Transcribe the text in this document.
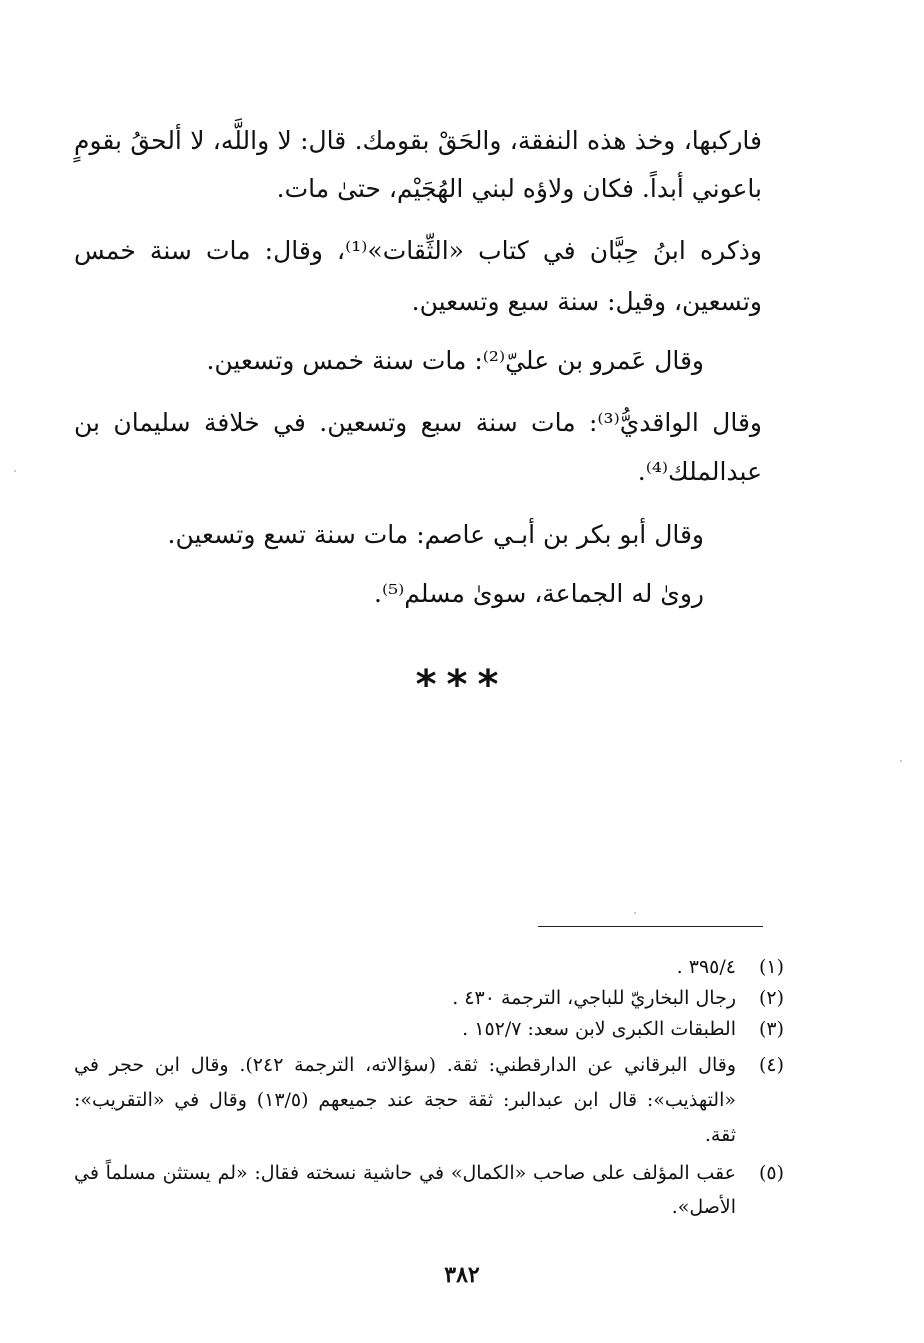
فاركبها، وخذ هذه النفقة، والحَقْ بقومك. قال: لا واللَّه، لا ألحقُ بقومٍ
باعوني أبداً. فكان ولاؤه لبني الهُجَيْم، حتىٰ مات.
وذكره ابنُ حِبَّان في كتاب «الثِّقات»⁽¹⁾، وقال: مات سنة خمس
وتسعين، وقيل: سنة سبع وتسعين.
وقال عَمرو بن عليّ⁽²⁾: مات سنة خمس وتسعين.
وقال الواقديُّ⁽³⁾: مات سنة سبع وتسعين. في خلافة سليمان بن
عبدالملك⁽⁴⁾.
وقال أبو بكر بن أبـي عاصم: مات سنة تسع وتسعين.
رویٰ له الجماعة، سویٰ مسلم⁽⁵⁾.
***
(١)
٣٩٥/٤ .
(٢)
رجال البخاريّ للباجي، الترجمة ٤٣٠ .
(٣)
الطبقات الكبرى لابن سعد: ١٥٢/٧ .
(٤)
وقال البرقاني عن الدارقطني: ثقة. (سؤالاته، الترجمة ٢٤٢). وقال ابن حجر في
«التهذيب»: قال ابن عبدالبر: ثقة حجة عند جميعهم (١٣/٥) وقال في «التقريب»:
ثقة.
(٥)
عقب المؤلف على صاحب «الكمال» في حاشية نسخته فقال: «لم يستثن مسلماً في
الأصل».
٣٨٢
